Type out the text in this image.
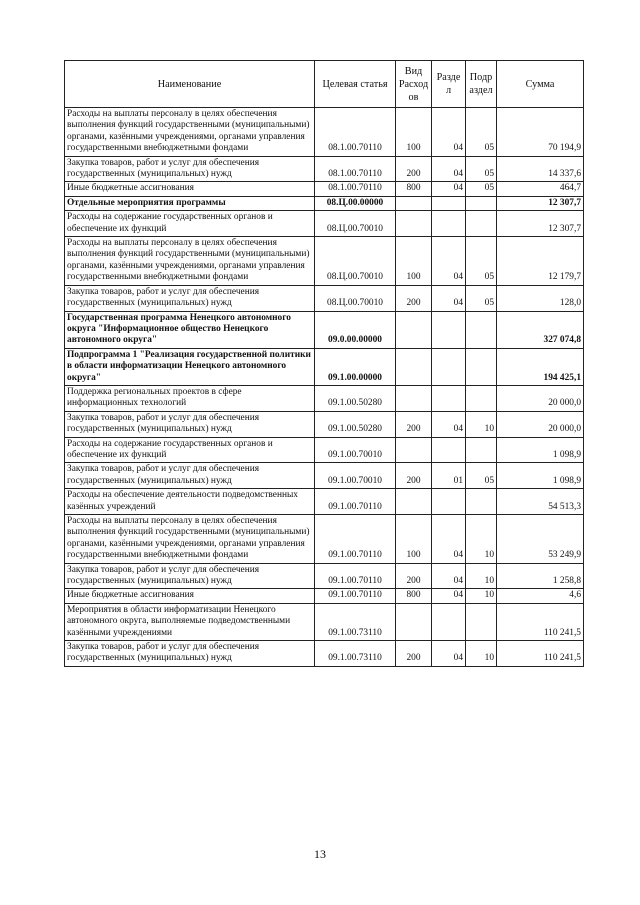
Наименование	Целевая статья	Вид Расход ов	Разде л	Подр аздел	Сумма
Расходы на выплаты персоналу в целях обеспечения выполнения функций государственными (муниципальными) органами, казёнными учреждениями, органами управления государственными внебюджетными фондами	08.1.00.70110	100	04	05	70 194,9
Закупка товаров, работ и услуг для обеспечения государственных (муниципальных) нужд	08.1.00.70110	200	04	05	14 337,6
Иные бюджетные ассигнования	08.1.00.70110	800	04	05	464,7
Отдельные мероприятия программы	08.Ц.00.00000				12 307,7
Расходы на содержание государственных органов и обеспечение их функций	08.Ц.00.70010				12 307,7
Расходы на выплаты персоналу в целях обеспечения выполнения функций государственными (муниципальными) органами, казёнными учреждениями, органами управления государственными внебюджетными фондами	08.Ц.00.70010	100	04	05	12 179,7
Закупка товаров, работ и услуг для обеспечения государственных (муниципальных) нужд	08.Ц.00.70010	200	04	05	128,0
Государственная программа Ненецкого автономного округа "Информационное общество Ненецкого автономного округа"	09.0.00.00000				327 074,8
Подпрограмма 1 "Реализация государственной политики в области информатизации Ненецкого автономного округа"	09.1.00.00000				194 425,1
Поддержка региональных проектов в сфере информационных технологий	09.1.00.50280				20 000,0
Закупка товаров, работ и услуг для обеспечения государственных (муниципальных) нужд	09.1.00.50280	200	04	10	20 000,0
Расходы на содержание государственных органов и обеспечение их функций	09.1.00.70010				1 098,9
Закупка товаров, работ и услуг для обеспечения государственных (муниципальных) нужд	09.1.00.70010	200	01	05	1 098,9
Расходы на обеспечение деятельности подведомственных казённых учреждений	09.1.00.70110				54 513,3
Расходы на выплаты персоналу в целях обеспечения выполнения функций государственными (муниципальными) органами, казёнными учреждениями, органами управления государственными внебюджетными фондами	09.1.00.70110	100	04	10	53 249,9
Закупка товаров, работ и услуг для обеспечения государственных (муниципальных) нужд	09.1.00.70110	200	04	10	1 258,8
Иные бюджетные ассигнования	09.1.00.70110	800	04	10	4,6
Мероприятия в области информатизации Ненецкого автономного округа, выполняемые подведомственными казёнными учреждениями	09.1.00.73110				110 241,5
Закупка товаров, работ и услуг для обеспечения государственных (муниципальных) нужд	09.1.00.73110	200	04	10	110 241,5
13
